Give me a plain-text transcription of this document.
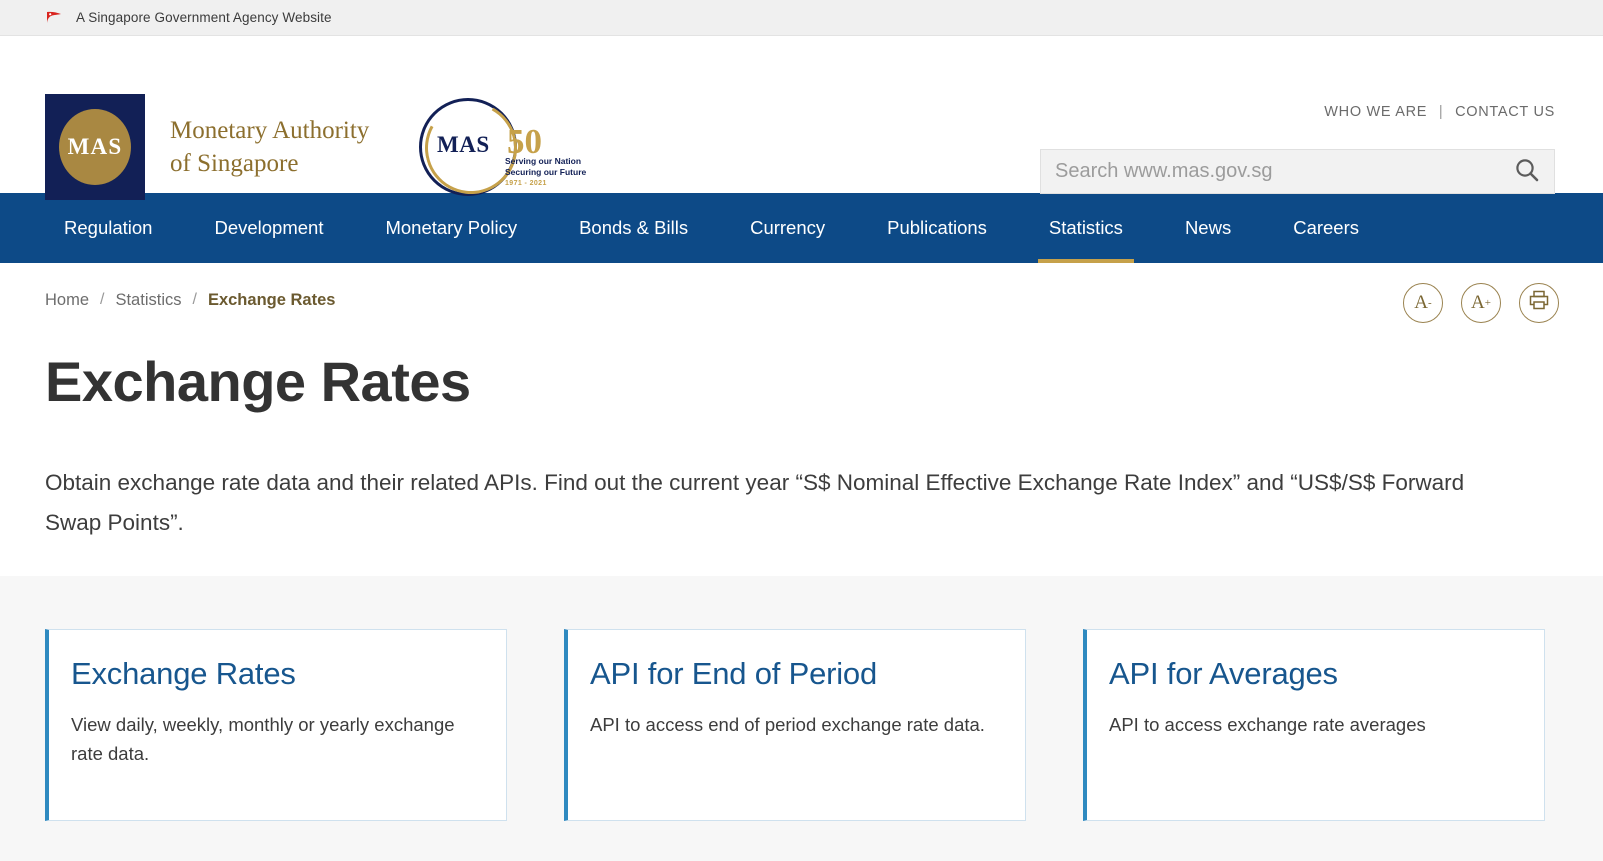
A Singapore Government Agency Website
MAS
Monetary Authority
of Singapore
MAS 50
Serving our Nation
Securing our Future
1971 - 2021
WHO WE ARE | CONTACT US
Search www.mas.gov.sg
Regulation	Development	Monetary Policy	Bonds & Bills	Currency	Publications	Statistics	News	Careers
Home / Statistics / Exchange Rates	A - A +
Exchange Rates

Obtain exchange rate data and their related APIs. Find out the current year “S$ Nominal Effective Exchange Rate Index” and “US$/S$ Forward Swap Points”.

Exchange Rates

View daily, weekly, monthly or yearly exchange rate data.

API for End of Period

API to access end of period exchange rate data.

API for Averages

API to access exchange rate averages
